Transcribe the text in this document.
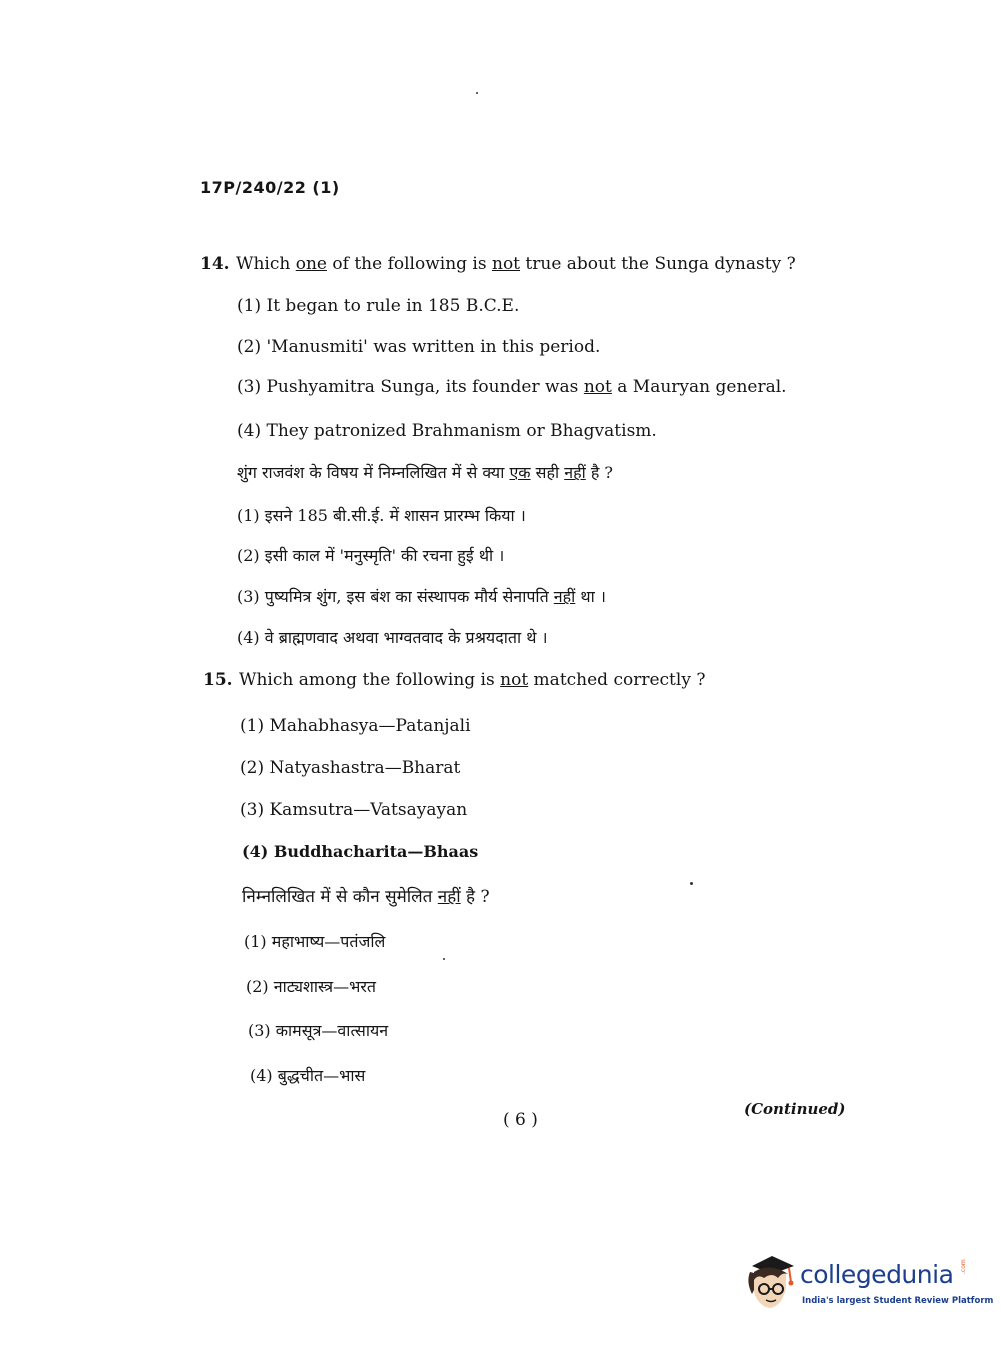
17P/240/22 (1)
14. Which one of the following is not true about the Sunga dynasty ?
(1) It began to rule in 185 B.C.E.
(2) 'Manusmiti' was written in this period.
(3) Pushyamitra Sunga, its founder was not a Mauryan general.
(4) They patronized Brahmanism or Bhagvatism.
शुंग राजवंश के विषय में निम्नलिखित में से क्या एक सही नहीं है ?
(1) इसने 185 बी.सी.ई. में शासन प्रारम्भ किया ।
(2) इसी काल में 'मनुस्मृति' की रचना हुई थी ।
(3) पुष्यमित्र शुंग, इस बंश का संस्थापक मौर्य सेनापति नहीं था ।
(4) वे ब्राह्मणवाद अथवा भाग्वतवाद के प्रश्रयदाता थे ।
15. Which among the following is not matched correctly ?
(1) Mahabhasya—Patanjali
(2) Natyashastra—Bharat
(3) Kamsutra—Vatsayayan
(4) Buddhacharita—Bhaas
निम्नलिखित में से कौन सुमेलित नहीं है ?
(1) महाभाष्य—पतंजलि
(2) नाट्यशास्त्र—भरत
(3) कामसूत्र—वात्सायन
(4) बुद्धचीत—भास
( 6 )
(Continued)
collegedunia .com
India's largest Student Review Platform
